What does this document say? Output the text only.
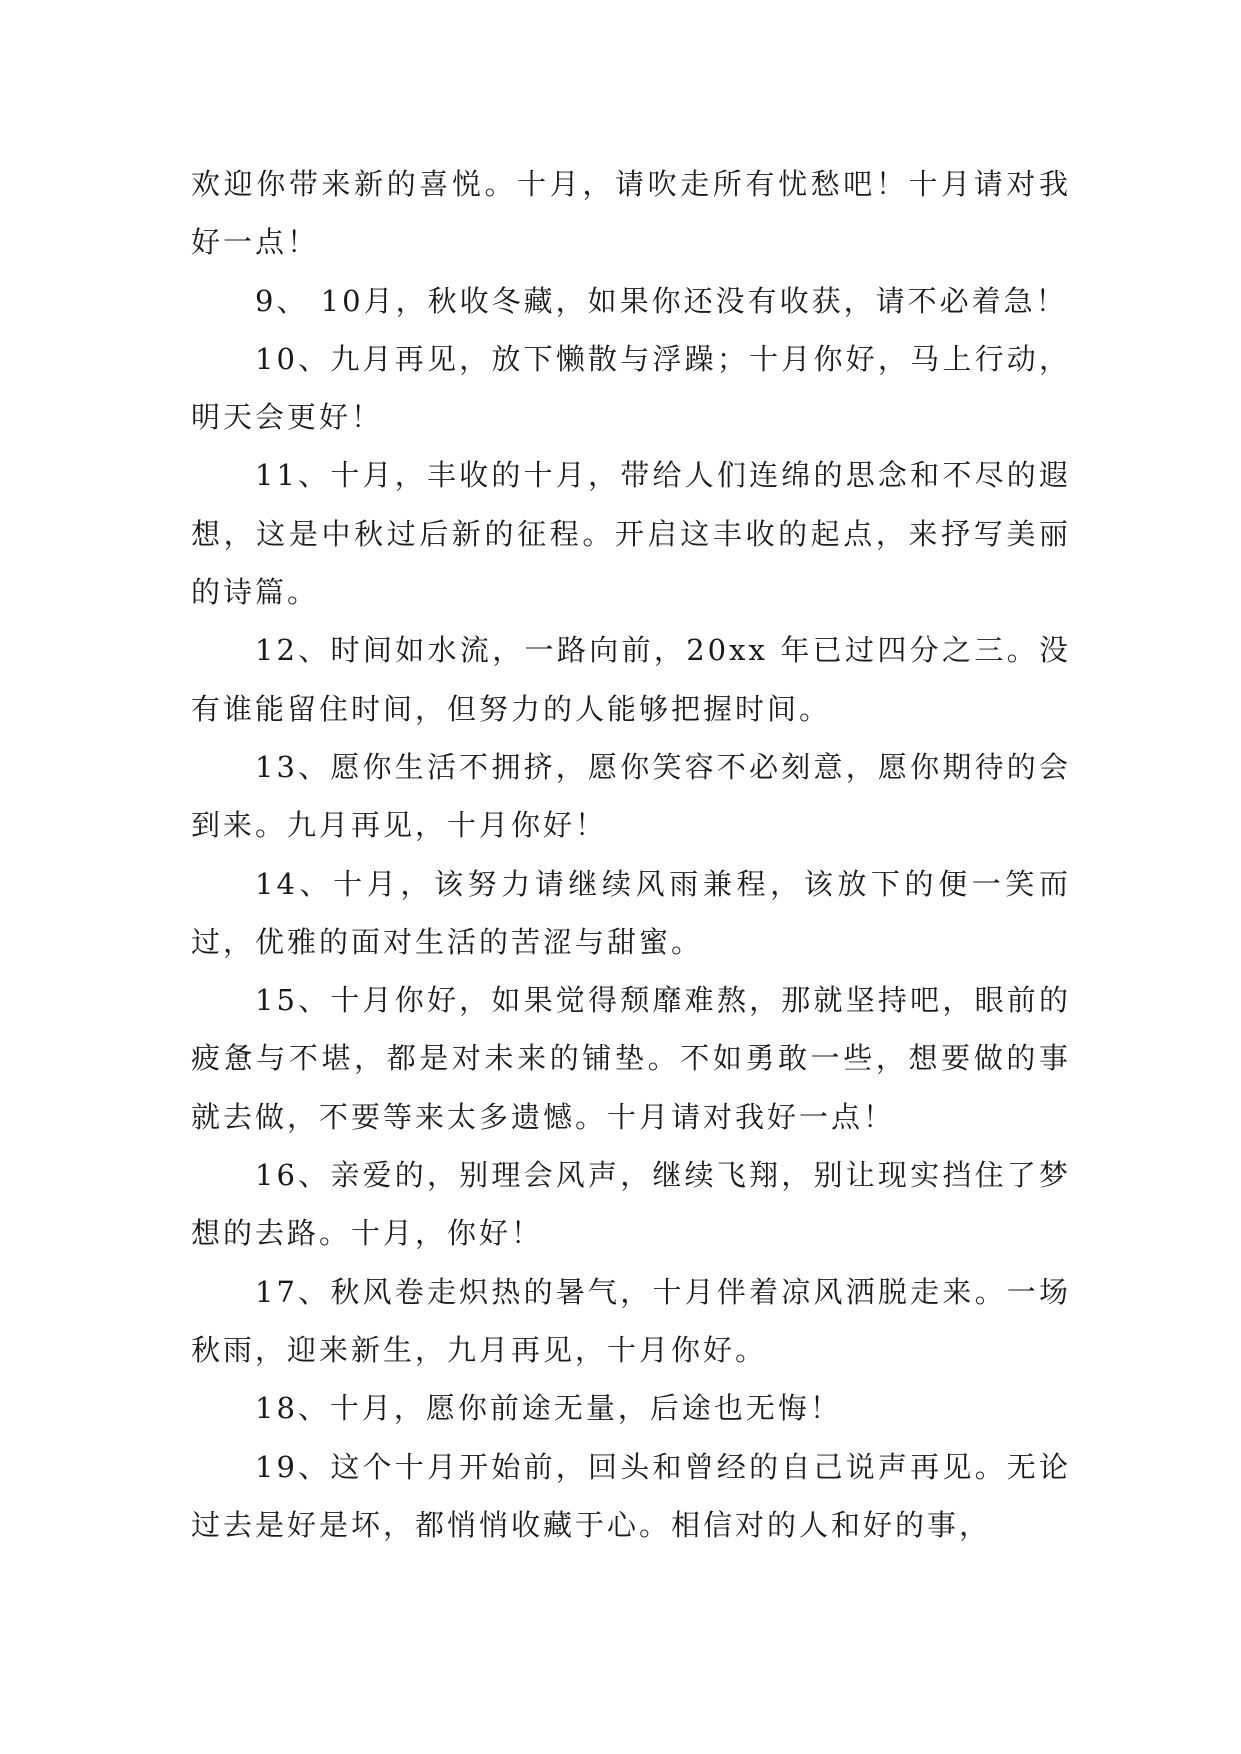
欢迎你带来新的喜悦。十月，请吹走所有忧愁吧！十月请对我好一点！

9、 10月，秋收冬藏，如果你还没有收获，请不必着急！

10、九月再见，放下懒散与浮躁；十月你好，马上行动，明天会更好！

11、十月，丰收的十月，带给人们连绵的思念和不尽的遐想，这是中秋过后新的征程。开启这丰收的起点，来抒写美丽的诗篇。

12、时间如水流，一路向前，20xx 年已过四分之三。没有谁能留住时间，但努力的人能够把握时间。

13、愿你生活不拥挤，愿你笑容不必刻意，愿你期待的会到来。九月再见，十月你好！

14、十月，该努力请继续风雨兼程，该放下的便一笑而过，优雅的面对生活的苦涩与甜蜜。

15、十月你好，如果觉得颓靡难熬，那就坚持吧，眼前的疲惫与不堪，都是对未来的铺垫。不如勇敢一些，想要做的事就去做，不要等来太多遗憾。十月请对我好一点！

16、亲爱的，别理会风声，继续飞翔，别让现实挡住了梦想的去路。十月，你好！

17、秋风卷走炽热的暑气，十月伴着凉风洒脱走来。一场秋雨，迎来新生，九月再见，十月你好。

18、十月，愿你前途无量，后途也无悔！

19、这个十月开始前，回头和曾经的自己说声再见。无论过去是好是坏，都悄悄收藏于心。相信对的人和好的事，
